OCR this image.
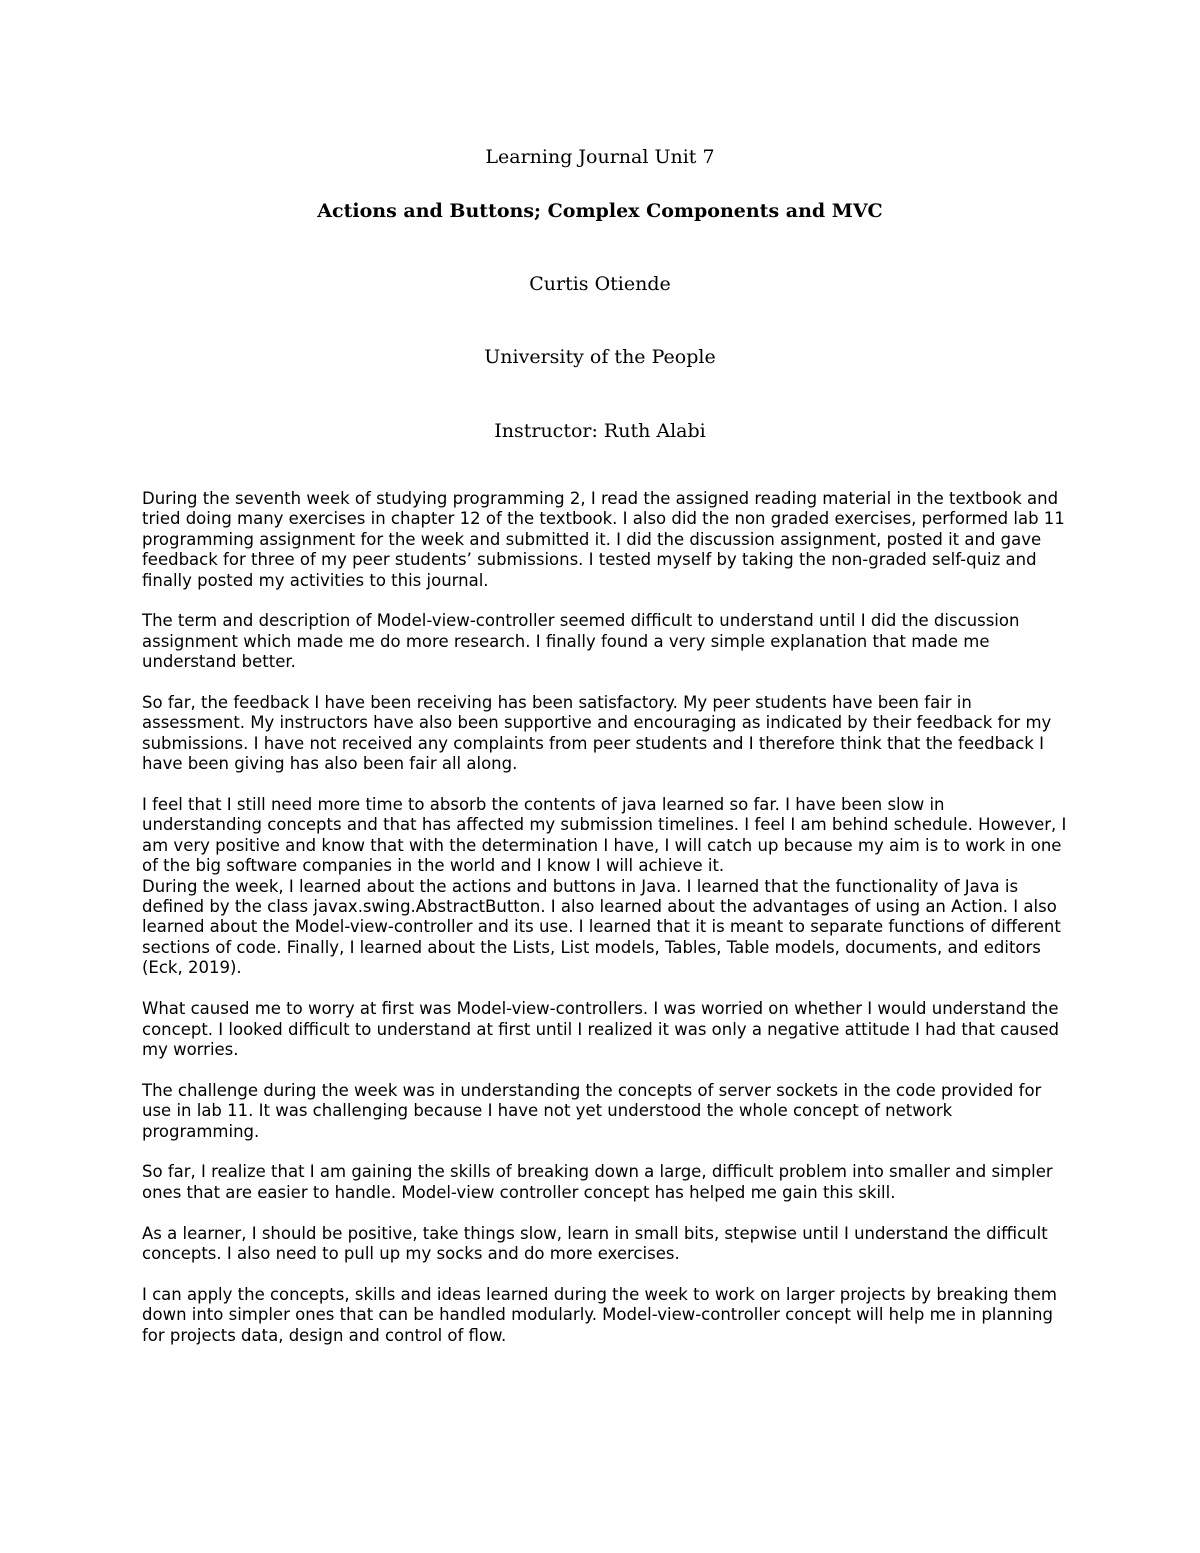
Learning Journal Unit 7
Actions and Buttons; Complex Components and MVC
Curtis Otiende
University of the People
Instructor: Ruth Alabi

During the seventh week of studying programming 2, I read the assigned reading material in the textbook and tried doing many exercises in chapter 12 of the textbook. I also did the non graded exercises, performed lab 11 programming assignment for the week and submitted it. I did the discussion assignment, posted it and gave feedback for three of my peer students’ submissions. I tested myself by taking the non-graded self-quiz and finally posted my activities to this journal.

The term and description of Model-view-controller seemed difficult to understand until I did the discussion assignment which made me do more research. I finally found a very simple explanation that made me understand better.

So far, the feedback I have been receiving has been satisfactory. My peer students have been fair in assessment. My instructors have also been supportive and encouraging as indicated by their feedback for my submissions. I have not received any complaints from peer students and I therefore think that the feedback I have been giving has also been fair all along.

I feel that I still need more time to absorb the contents of java learned so far. I have been slow in understanding concepts and that has affected my submission timelines. I feel I am behind schedule. However, I am very positive and know that with the determination I have, I will catch up because my aim is to work in one of the big software companies in the world and I know I will achieve it.

During the week, I learned about the actions and buttons in Java. I learned that the functionality of Java is defined by the class javax.swing.AbstractButton. I also learned about the advantages of using an Action. I also learned about the Model-view-controller and its use. I learned that it is meant to separate functions of different sections of code. Finally, I learned about the Lists, List models, Tables, Table models, documents, and editors (Eck, 2019).

What caused me to worry at first was Model-view-controllers. I was worried on whether I would understand the concept. I looked difficult to understand at first until I realized it was only a negative attitude I had that caused my worries.

The challenge during the week was in understanding the concepts of server sockets in the code provided for use in lab 11. It was challenging because I have not yet understood the whole concept of network programming.

So far, I realize that I am gaining the skills of breaking down a large, difficult problem into smaller and simpler ones that are easier to handle. Model-view controller concept has helped me gain this skill.

As a learner, I should be positive, take things slow, learn in small bits, stepwise until I understand the difficult concepts. I also need to pull up my socks and do more exercises.

I can apply the concepts, skills and ideas learned during the week to work on larger projects by breaking them down into simpler ones that can be handled modularly. Model-view-controller concept will help me in planning for projects data, design and control of flow.
